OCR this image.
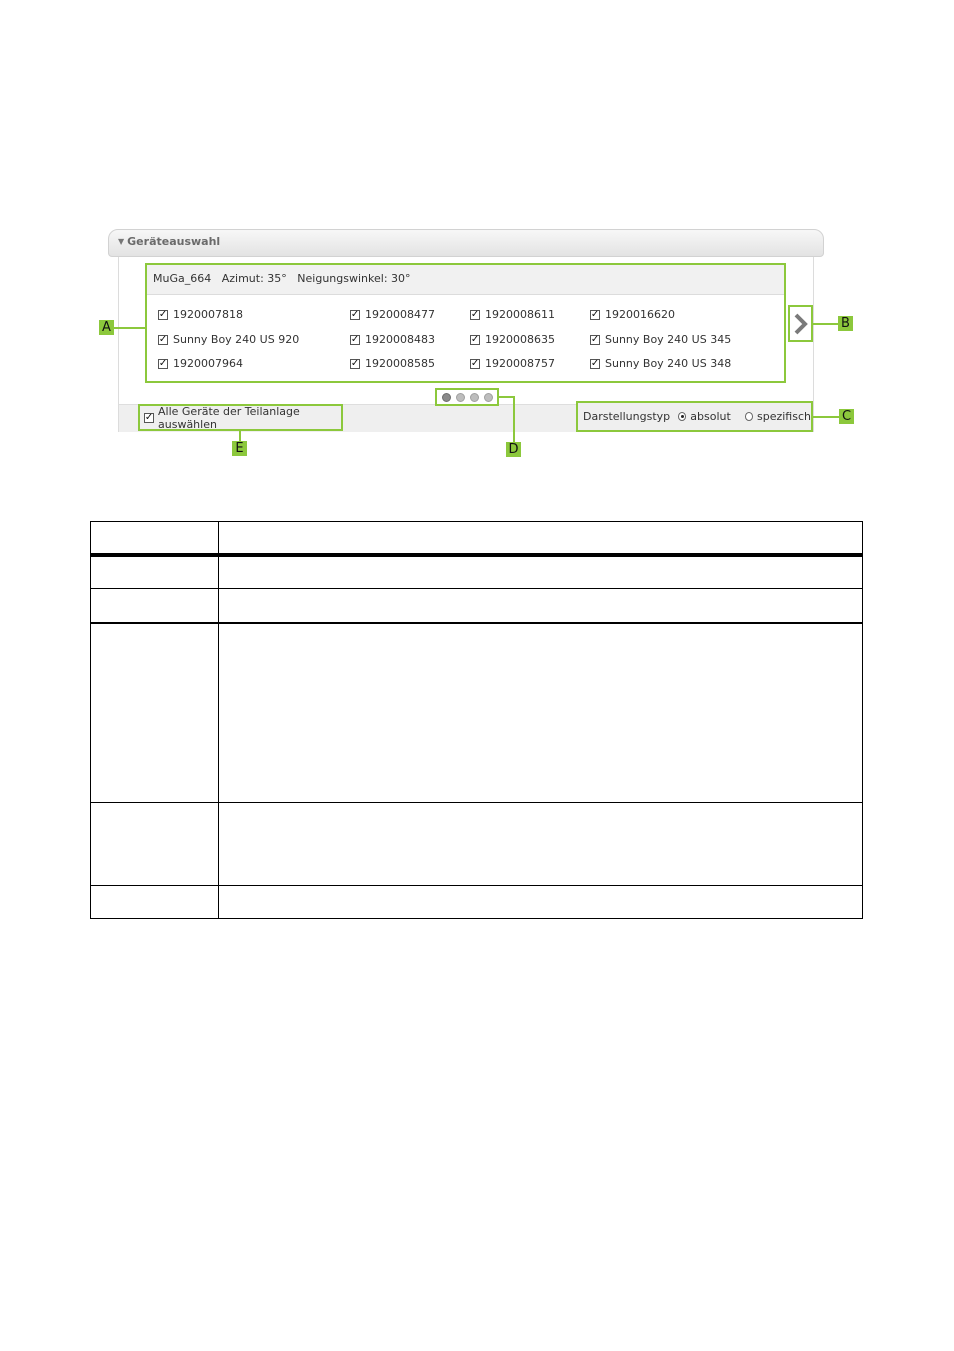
▼ Geräteauswahl
MuGa_664 Azimut: 35° Neigungswinkel: 30°
✓ 1920007818	✓ 1920008477	✓ 1920008611	✓ 1920016620
✓ Sunny Boy 240 US 920	✓ 1920008483	✓ 1920008635	✓ Sunny Boy 240 US 345
✓ 1920007964	✓ 1920008585	✓ 1920008757	✓ Sunny Boy 240 US 348
✓ Alle Geräte der Teilanlage auswählen
Darstellungstyp absolut spezifisch
A	B
C
D
E
